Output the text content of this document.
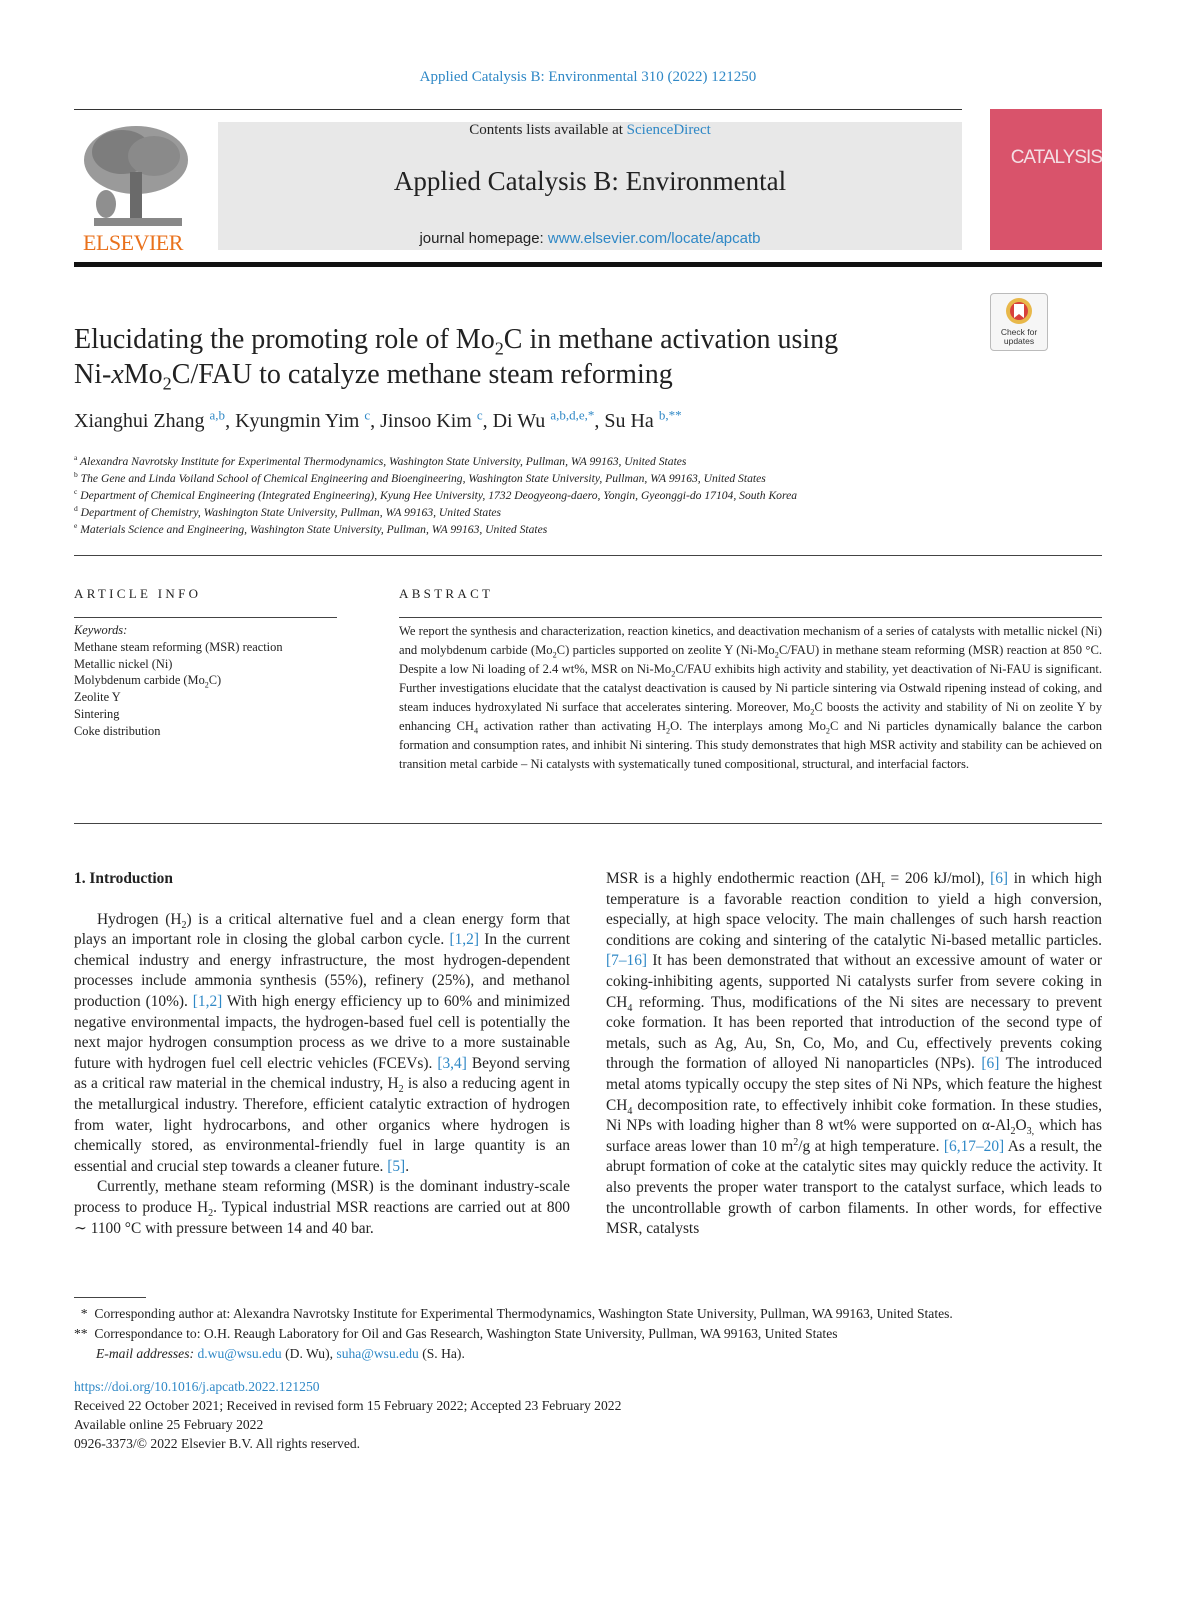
Applied Catalysis B: Environmental 310 (2022) 121250
ELSEVIER
Contents lists available at ScienceDirect
Applied Catalysis B: Environmental
journal homepage: www.elsevier.com/locate/apcatb
CATALYSIS
Check for
updates
Elucidating the promoting role of $Mo_2C$ in methane activation using
Ni-xMo$_2$C/FAU to catalyze methane steam reforming
Xianghui Zhang $^{a,b}$, Kyungmin Yim $^c$, Jinsoo Kim $^c$, Di Wu $^{a,b,d,e,*}$, Su Ha $^{b,**}$
$^a$ Alexandra Navrotsky Institute for Experimental Thermodynamics, Washington State University, Pullman, WA 99163, United States
$^b$ The Gene and Linda Voiland School of Chemical Engineering and Bioengineering, Washington State University, Pullman, WA 99163, United States
$^c$ Department of Chemical Engineering (Integrated Engineering), Kyung Hee University, 1732 Deogyeong-daero, Yongin, Gyeonggi-do 17104, South Korea
$^d$ Department of Chemistry, Washington State University, Pullman, WA 99163, United States
$^e$ Materials Science and Engineering, Washington State University, Pullman, WA 99163, United States
ARTICLE INFO
Keywords:
Methane steam reforming (MSR) reaction
Metallic nickel (Ni)
Molybdenum carbide $(Mo_2C)$
Zeolite Y
Sintering
Coke distribution
ABSTRACT
We report the synthesis and characterization, reaction kinetics, and deactivation mechanism of a series of catalysts with metallic nickel (Ni) and molybdenum carbide $(Mo_2C)$ particles supported on zeolite Y $(Ni-Mo_2C/FAU)$ in methane steam reforming (MSR) reaction at 850 °C. Despite a low Ni loading of 2.4 wt%, MSR on $Ni-Mo_2C$/FAU exhibits high activity and stability, yet deactivation of Ni-FAU is significant. Further investigations elucidate that the catalyst deactivation is caused by Ni particle sintering via Ostwald ripening instead of coking, and steam induces hydroxylated Ni surface that accelerates sintering. Moreover, $Mo_2C$ boosts the activity and stability of Ni on zeolite Y by enhancing $CH_4$ activation rather than activating $H_2O$. The interplays among $Mo_2C$ and Ni particles dynamically balance the carbon formation and consumption rates, and inhibit Ni sintering. This study demonstrates that high MSR activity and stability can be achieved on transition metal carbide – Ni catalysts with systematically tuned compositional, structural, and interfacial factors.
1. Introduction

Hydrogen $(H_2)$ is a critical alternative fuel and a clean energy form that plays an important role in closing the global carbon cycle. [1,2] In the current chemical industry and energy infrastructure, the most hydrogen-dependent processes include ammonia synthesis (55%), refinery (25%), and methanol production (10%). [1,2] With high energy efficiency up to 60% and minimized negative environmental impacts, the hydrogen-based fuel cell is potentially the next major hydrogen consumption process as we drive to a more sustainable future with hydrogen fuel cell electric vehicles (FCEVs). [3,4] Beyond serving as a critical raw material in the chemical industry, $H_2$ is also a reducing agent in the metallurgical industry. Therefore, efficient catalytic extraction of hydrogen from water, light hydrocarbons, and other organics where hydrogen is chemically stored, as environmental-friendly fuel in large quantity is an essential and crucial step towards a cleaner future. [5].

Currently, methane steam reforming (MSR) is the dominant industry-scale process to produce $H_2$. Typical industrial MSR reactions are carried out at 800 ∼ 1100 °C with pressure between 14 and 40 bar.

MSR is a highly endothermic reaction ($\Delta H_r = 206$ kJ/mol), [6] in which high temperature is a favorable reaction condition to yield a high conversion, especially, at high space velocity. The main challenges of such harsh reaction conditions are coking and sintering of the catalytic Ni-based metallic particles. [7–16] It has been demonstrated that without an excessive amount of water or coking-inhibiting agents, supported Ni catalysts surfer from severe coking in $CH_4$ reforming. Thus, modifications of the Ni sites are necessary to prevent coke formation. It has been reported that introduction of the second type of metals, such as Ag, Au, Sn, Co, Mo, and Cu, effectively prevents coking through the formation of alloyed Ni nanoparticles (NPs). [6] The introduced metal atoms typically occupy the step sites of Ni NPs, which feature the highest $CH_4$ decomposition rate, to effectively inhibit coke formation. In these studies, Ni NPs with loading higher than 8 wt% were supported on $\alpha-Al_2O_{3,}$ which has surface areas lower than 10 $m^2/g$ at high temperature. [6,17–20] As a result, the abrupt formation of coke at the catalytic sites may quickly reduce the activity. It also prevents the proper water transport to the catalyst surface, which leads to the uncontrollable growth of carbon filaments. In other words, for effective MSR, catalysts

* Corresponding author at: Alexandra Navrotsky Institute for Experimental Thermodynamics, Washington State University, Pullman, WA 99163, United States.
** Correspondance to: O.H. Reaugh Laboratory for Oil and Gas Research, Washington State University, Pullman, WA 99163, United States
E-mail addresses: d.wu@wsu.edu (D. Wu), suha@wsu.edu (S. Ha).
https://doi.org/10.1016/j.apcatb.2022.121250
Received 22 October 2021; Received in revised form 15 February 2022; Accepted 23 February 2022
Available online 25 February 2022
0926-3373/© 2022 Elsevier B.V. All rights reserved.
